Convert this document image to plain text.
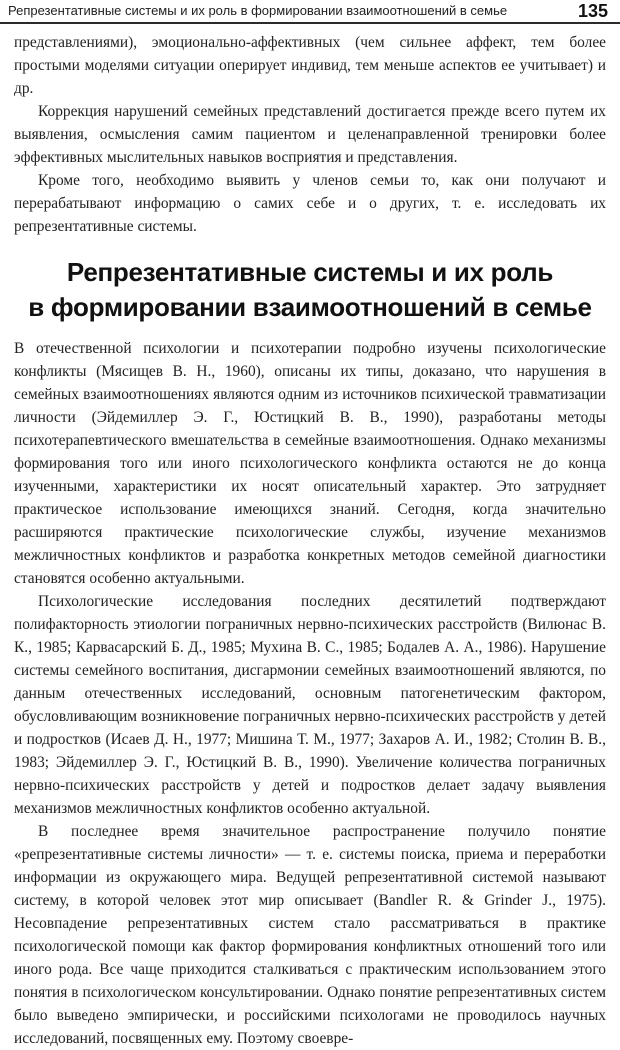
Репрезентативные системы и их роль в формировании взаимоотношений в семье	135

представлениями), эмоционально-аффективных (чем сильнее аффект, тем более простыми моделями ситуации оперирует индивид, тем меньше аспектов ее учитывает) и др.

Коррекция нарушений семейных представлений достигается прежде всего путем их выявления, осмысления самим пациентом и целенаправленной тренировки более эффективных мыслительных навыков восприятия и представления.

Кроме того, необходимо выявить у членов семьи то, как они получают и перерабатывают информацию о самих себе и о других, т. е. исследовать их репрезентативные системы.

Репрезентативные системы и их роль
в формировании взаимоотношений в семье

В отечественной психологии и психотерапии подробно изучены психологические конфликты (Мясищев В. Н., 1960), описаны их типы, доказано, что нарушения в семейных взаимоотношениях являются одним из источников психической травматизации личности (Эйдемиллер Э. Г., Юстицкий В. В., 1990), разработаны методы психотерапевтического вмешательства в семейные взаимоотношения. Однако механизмы формирования того или иного психологического конфликта остаются не до конца изученными, характеристики их носят описательный характер. Это затрудняет практическое использование имеющихся знаний. Сегодня, когда значительно расширяются практические психологические службы, изучение механизмов межличностных конфликтов и разработка конкретных методов семейной диагностики становятся особенно актуальными.

Психологические исследования последних десятилетий подтверждают полифакторность этиологии пограничных нервно-психических расстройств (Вилюнас В. К., 1985; Карвасарский Б. Д., 1985; Мухина В. С., 1985; Бодалев А. А., 1986). Нарушение системы семейного воспитания, дисгармонии семейных взаимоотношений являются, по данным отечественных исследований, основным патогенетическим фактором, обусловливающим возникновение пограничных нервно-психических расстройств у детей и подростков (Исаев Д. Н., 1977; Мишина Т. М., 1977; Захаров А. И., 1982; Столин В. В., 1983; Эйдемиллер Э. Г., Юстицкий В. В., 1990). Увеличение количества пограничных нервно-психических расстройств у детей и подростков делает задачу выявления механизмов межличностных конфликтов особенно актуальной.

В последнее время значительное распространение получило понятие «репрезентативные системы личности» — т. е. системы поиска, приема и переработки информации из окружающего мира. Ведущей репрезентативной системой называют систему, в которой человек этот мир описывает (Bandler R. & Grinder J., 1975). Несовпадение репрезентативных систем стало рассматриваться в практике психологической помощи как фактор формирования конфликтных отношений того или иного рода. Все чаще приходится сталкиваться с практическим использованием этого понятия в психологическом консультировании. Однако понятие репрезентативных систем было выведено эмпирически, и российскими психологами не проводилось научных исследований, посвященных ему. Поэтому своевре-
